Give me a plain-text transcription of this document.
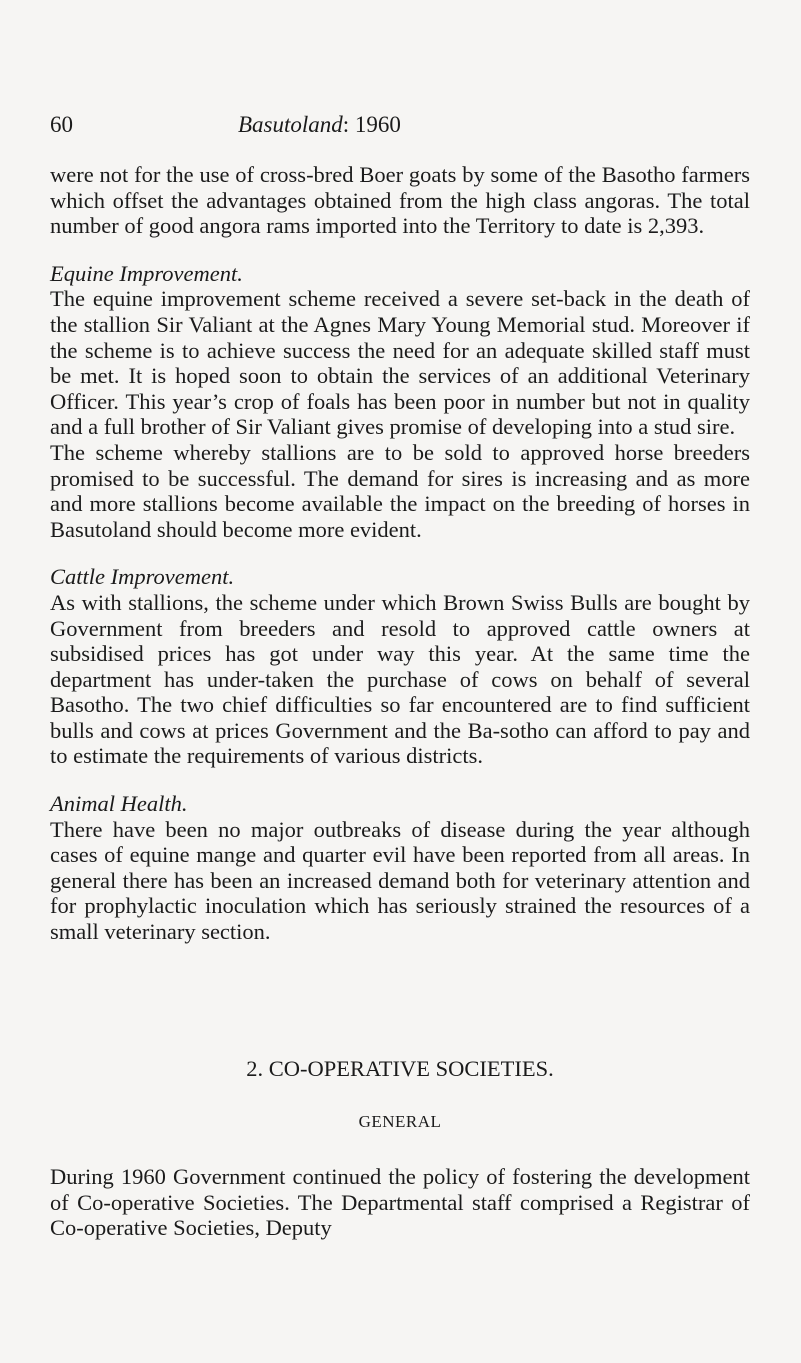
60	Basutoland: 1960

were not for the use of cross-bred Boer goats by some of the Basotho farmers which offset the advantages obtained from the high class angoras. The total number of good angora rams imported into the Territory to date is 2,393.

Equine Improvement.

The equine improvement scheme received a severe set-back in the death of the stallion Sir Valiant at the Agnes Mary Young Memorial stud. Moreover if the scheme is to achieve success the need for an adequate skilled staff must be met. It is hoped soon to obtain the services of an additional Veterinary Officer. This year’s crop of foals has been poor in number but not in quality and a full brother of Sir Valiant gives promise of developing into a stud sire.

The scheme whereby stallions are to be sold to approved horse breeders promised to be successful. The demand for sires is increasing and as more and more stallions become available the impact on the breeding of horses in Basutoland should become more evident.

Cattle Improvement.

As with stallions, the scheme under which Brown Swiss Bulls are bought by Government from breeders and resold to approved cattle owners at subsidised prices has got under way this year. At the same time the department has under-taken the purchase of cows on behalf of several Basotho. The two chief difficulties so far encountered are to find sufficient bulls and cows at prices Government and the Ba-sotho can afford to pay and to estimate the requirements of various districts.

Animal Health.

There have been no major outbreaks of disease during the year although cases of equine mange and quarter evil have been reported from all areas. In general there has been an increased demand both for veterinary attention and for prophylactic inoculation which has seriously strained the resources of a small veterinary section.

2. CO-OPERATIVE SOCIETIES.
GENERAL

During 1960 Government continued the policy of fostering the development of Co-operative Societies. The Departmental staff comprised a Registrar of Co-operative Societies, Deputy
